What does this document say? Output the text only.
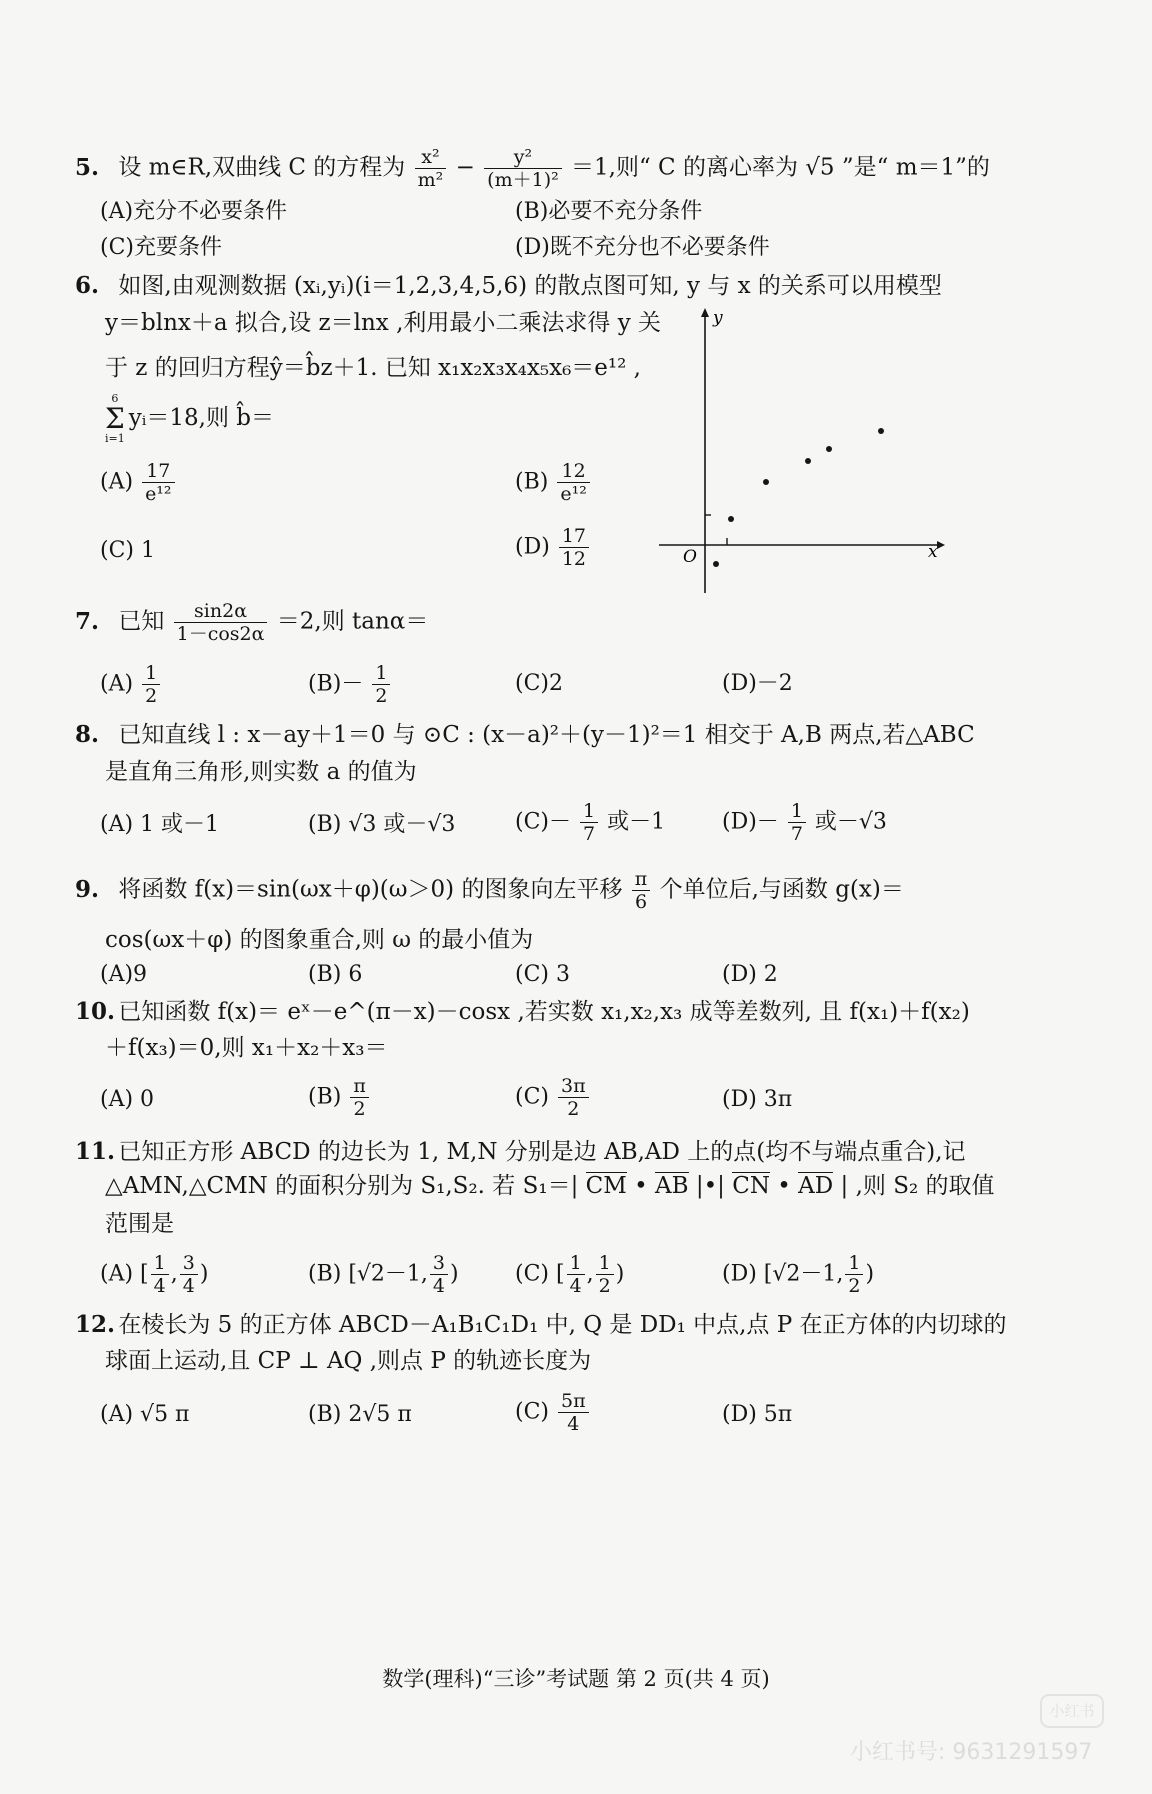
5. 设 m∈R,双曲线 C 的方程为 $\frac{\text{x²}}{\text{m²}} - \frac{\text{y²}}{\text{(m＋1)²}} =1$,则“ C 的离心率为 √5 ”是“ m＝1”的
(A)充分不必要条件	(B)必要不充分条件
(C)充要条件	(D)既不充分也不必要条件
6. 如图,由观测数据 (xᵢ,yᵢ)(i＝1,2,3,4,5,6) 的散点图可知, y 与 x 的关系可以用模型
y＝blnx＋a 拟合,设 z＝lnx ,利用最小二乘法求得 y 关
于 z 的回归方程ŷ＝b̂z＋1. 已知 x₁x₂x₃x₄x₅x₆＝e¹² ,
6
Σ
i=1
yᵢ＝18,则 b̂＝
$(A) \frac{17}{\text{e¹²}}$	$(B) \frac{12}{\text{e¹²}}$
(C) 1	$(D) \frac{17}{12}$
y
x
O
7. 已知 $\frac{\sin 2\alpha}{1-\cos 2\alpha} =2$,则 tanα＝
$(A) \frac{1}{2}$	$(B)- \frac{1}{2}$	(C)2	(D)－2
8. 已知直线 l : x－ay＋1＝0 与 ⊙C : (x－a)²＋(y－1)²＝1 相交于 A,B 两点,若△ABC
是直角三角形,则实数 a 的值为
(A) 1 或－1	(B) √3 或－√3	$(C)- \frac{1}{7}$ 或－1	$(D)- \frac{1}{7}$ 或－√3
9. 将函数 f(x)＝sin(ωx＋φ)(ω＞0) 的图象向左平移 $\frac{\pi}{6}$ 个单位后,与函数 g(x)＝
cos(ωx＋φ) 的图象重合,则 ω 的最小值为
(A)9	(B) 6	(C) 3	(D) 2
10. 已知函数 f(x)＝ eˣ－e^(π－x)－cosx ,若实数 x₁,x₂,x₃ 成等差数列, 且 f(x₁)＋f(x₂)
＋f(x₃)＝0,则 x₁＋x₂＋x₃＝
(A) 0	$(B) \frac{\pi}{2}$	$(C) \frac{3\pi}{2}$	(D) 3π
11. 已知正方形 ABCD 的边长为 1, M,N 分别是边 AB,AD 上的点(均不与端点重合),记
△AMN,△CMN 的面积分别为 S₁,S₂. 若 S₁＝| CM • AB |•| CN • AD | ,则 S₂ 的取值
范围是
(A) [ $\frac{1}{4}$ , $\frac{3}{4}$ )	(B) [√2－1, $\frac{3}{4}$ )	(C) [ $\frac{1}{4}$ , $\frac{1}{2}$ )	(D) [√2－1, $\frac{1}{2}$ )
12. 在棱长为 5 的正方体 ABCD－A₁B₁C₁D₁ 中, Q 是 DD₁ 中点,点 P 在正方体的内切球的
球面上运动,且 CP ⊥ AQ ,则点 P 的轨迹长度为
(A) √5 π	(B) 2√5 π	$(C) \frac{5\pi}{4}$	(D) 5π
数学(理科)“三诊”考试题 第 2 页(共 4 页)
小红书
小红书号: 9631291597
